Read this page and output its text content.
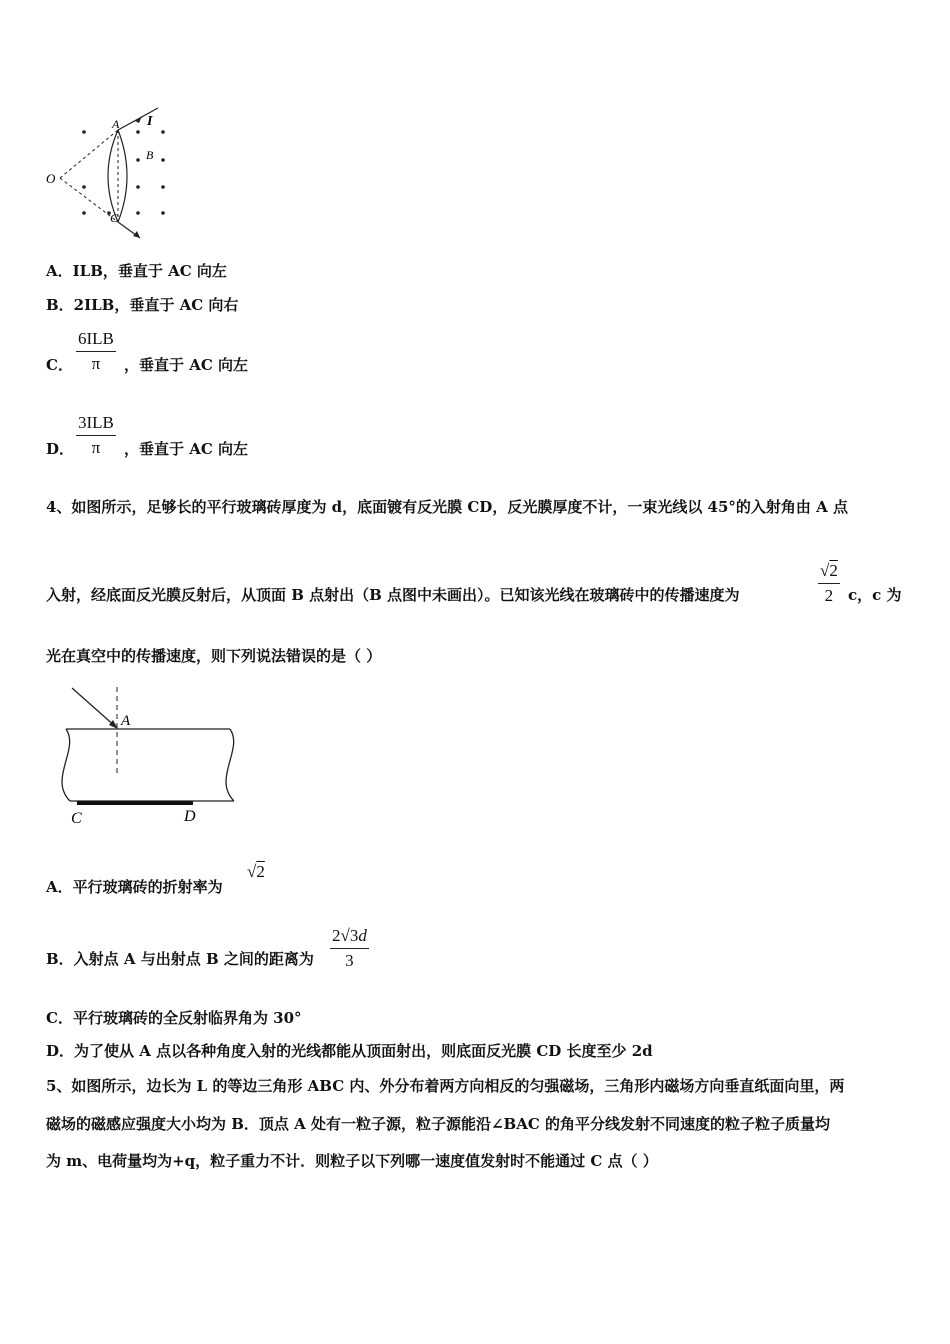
O
A
B
C
I
A．ILB，垂直于 AC 向左
B．2ILB，垂直于 AC 向右
C．
6ILB
π	，垂直于 AC 向左
D．
3ILB
π	，垂直于 AC 向左
4、如图所示，足够长的平行玻璃砖厚度为 d，底面镀有反光膜 CD，反光膜厚度不计，一束光线以 45°的入射角由 A 点
入射，经底面反光膜反射后，从顶面 B 点射出（B 点图中未画出）。已知该光线在玻璃砖中的传播速度为
√2
2 c，c 为
光在真空中的传播速度，则下列说法错误的是（ ）
A
C	D
A．平行玻璃砖的折射率为
√2
B．入射点 A 与出射点 B 之间的距离为
2√3d
3
C．平行玻璃砖的全反射临界角为 30°
D．为了使从 A 点以各种角度入射的光线都能从顶面射出，则底面反光膜 CD 长度至少 2d
5、如图所示，边长为 L 的等边三角形 ABC 内、外分布着两方向相反的匀强磁场，三角形内磁场方向垂直纸面向里，两
磁场的磁感应强度大小均为 B．顶点 A 处有一粒子源，粒子源能沿∠BAC 的角平分线发射不同速度的粒子粒子质量均
为 m、电荷量均为+q，粒子重力不计．则粒子以下列哪一速度值发射时不能通过 C 点（ ）
